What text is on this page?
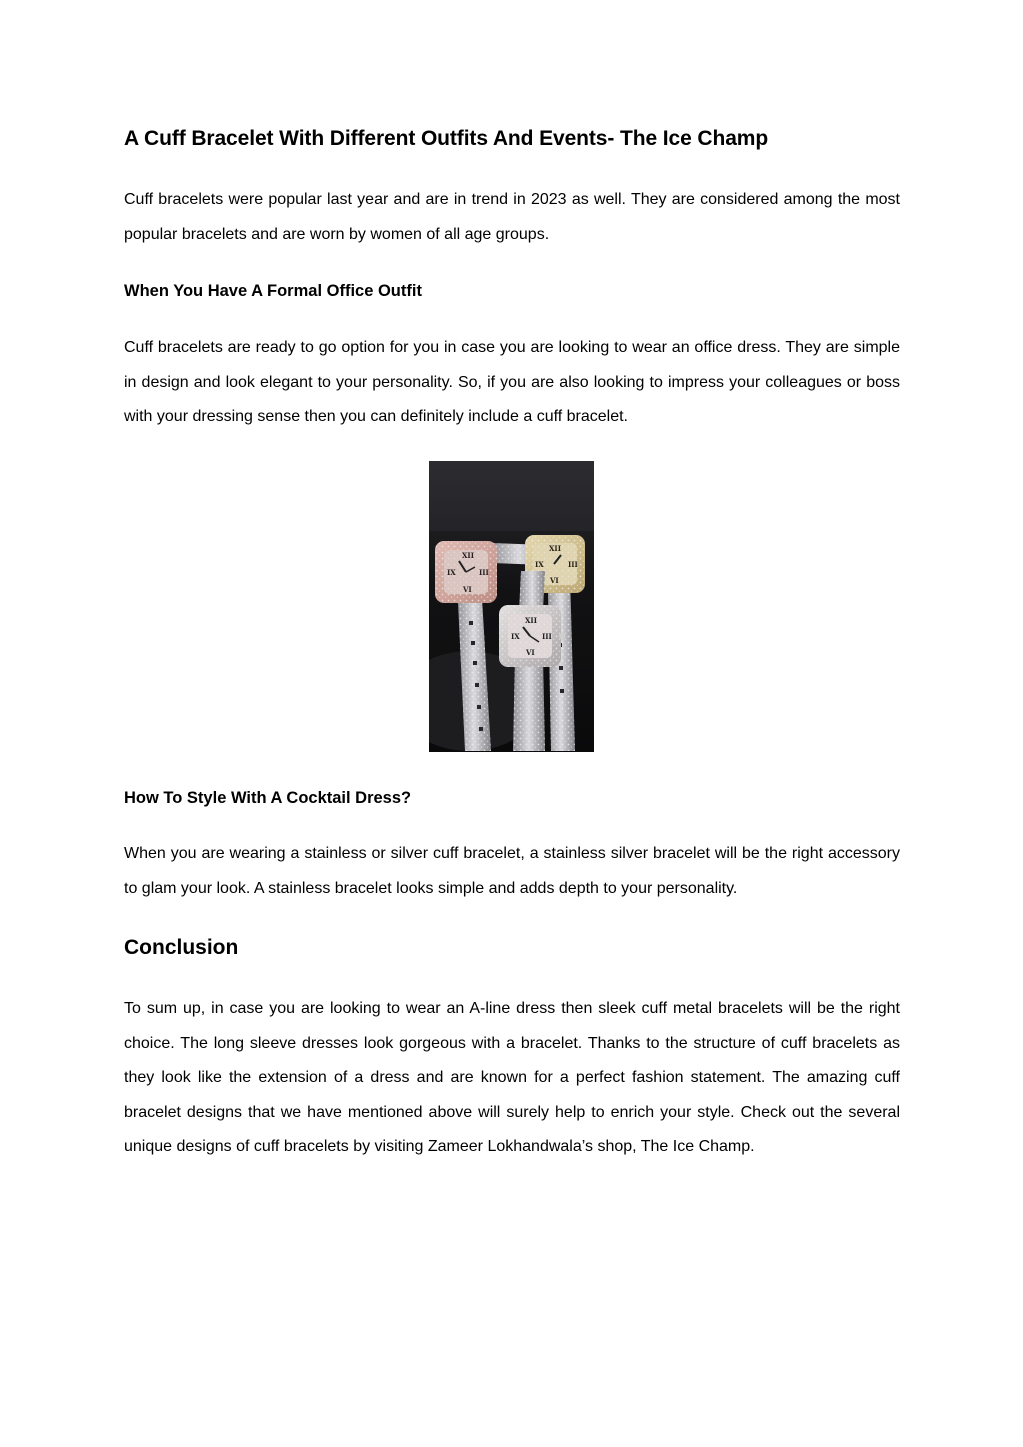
A Cuff Bracelet With Different Outfits And Events- The Ice Champ

Cuff bracelets were popular last year and are in trend in 2023 as well. They are considered among the most popular bracelets and are worn by women of all age groups.

When You Have A Formal Office Outfit

Cuff bracelets are ready to go option for you in case you are looking to wear an office dress. They are simple in design and look elegant to your personality. So, if you are also looking to impress your colleagues or boss with your dressing sense then you can definitely include a cuff bracelet.

XII
IX	III
VI
XII
IX	III
VI
XII
IX	III
VI
How To Style With A Cocktail Dress?

When you are wearing a stainless or silver cuff bracelet, a stainless silver bracelet will be the right accessory to glam your look. A stainless bracelet looks simple and adds depth to your personality.

Conclusion

To sum up, in case you are looking to wear an A-line dress then sleek cuff metal bracelets will be the right choice. The long sleeve dresses look gorgeous with a bracelet. Thanks to the structure of cuff bracelets as they look like the extension of a dress and are known for a perfect fashion statement. The amazing cuff bracelet designs that we have mentioned above will surely help to enrich your style. Check out the several unique designs of cuff bracelets by visiting Zameer Lokhandwala’s shop, The Ice Champ.
